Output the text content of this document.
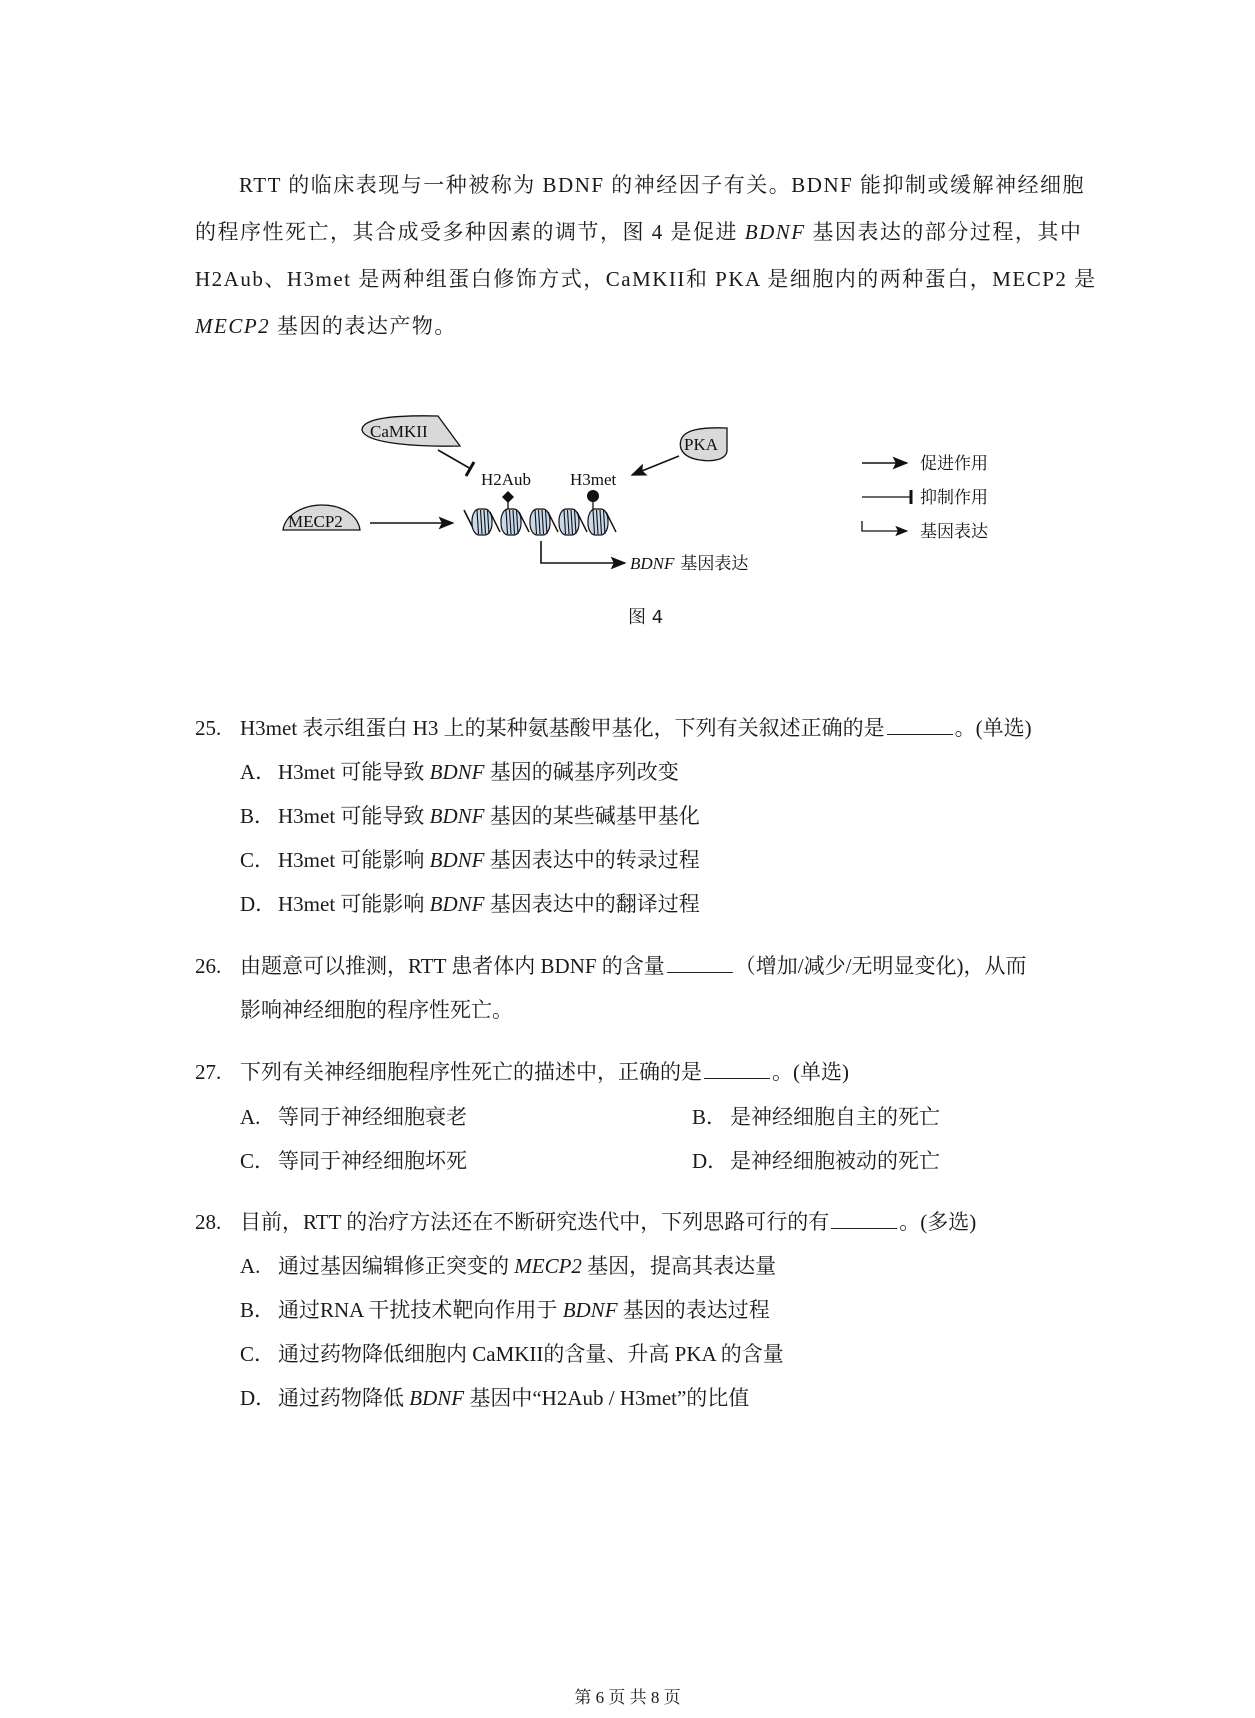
RTT 的临床表现与一种被称为 BDNF 的神经因子有关。BDNF 能抑制或缓解神经细胞
的程序性死亡，其合成受多种因素的调节，图 4 是促进 BDNF 基因表达的部分过程，其中
H2Aub、H3met 是两种组蛋白修饰方式，CaMKII和 PKA 是细胞内的两种蛋白，MECP2 是
MECP2 基因的表达产物。
CaMKII
PKA
H2Aub H3met
MECP2
BDNF 基因表达
促进作用
抑制作用
基因表达
图 4
25. H3met 表示组蛋白 H3 上的某种氨基酸甲基化，下列有关叙述正确的是	。(单选)
A．H3met 可能导致 BDNF 基因的碱基序列改变
B． H3met 可能导致 BDNF 基因的某些碱基甲基化
C． H3met 可能影响 BDNF 基因表达中的转录过程
D．H3met 可能影响 BDNF 基因表达中的翻译过程
26. 由题意可以推测，RTT 患者体内 BDNF 的含量	（增加/减少/无明显变化)，从而
影响神经细胞的程序性死亡。
27. 下列有关神经细胞程序性死亡的描述中，正确的是	。(单选)
A. 等同于神经细胞衰老	B． 是神经细胞自主的死亡
C． 等同于神经细胞坏死	D．是神经细胞被动的死亡
28. 目前，RTT 的治疗方法还在不断研究迭代中，下列思路可行的有	。(多选)
A. 通过基因编辑修正突变的 MECP2 基因，提高其表达量
B． 通过RNA 干扰技术靶向作用于 BDNF 基因的表达过程
C． 通过药物降低细胞内 CaMKII的含量、升高 PKA 的含量
D．通过药物降低 BDNF 基因中“H2Aub / H3met”的比值
第 6 页 共 8 页
